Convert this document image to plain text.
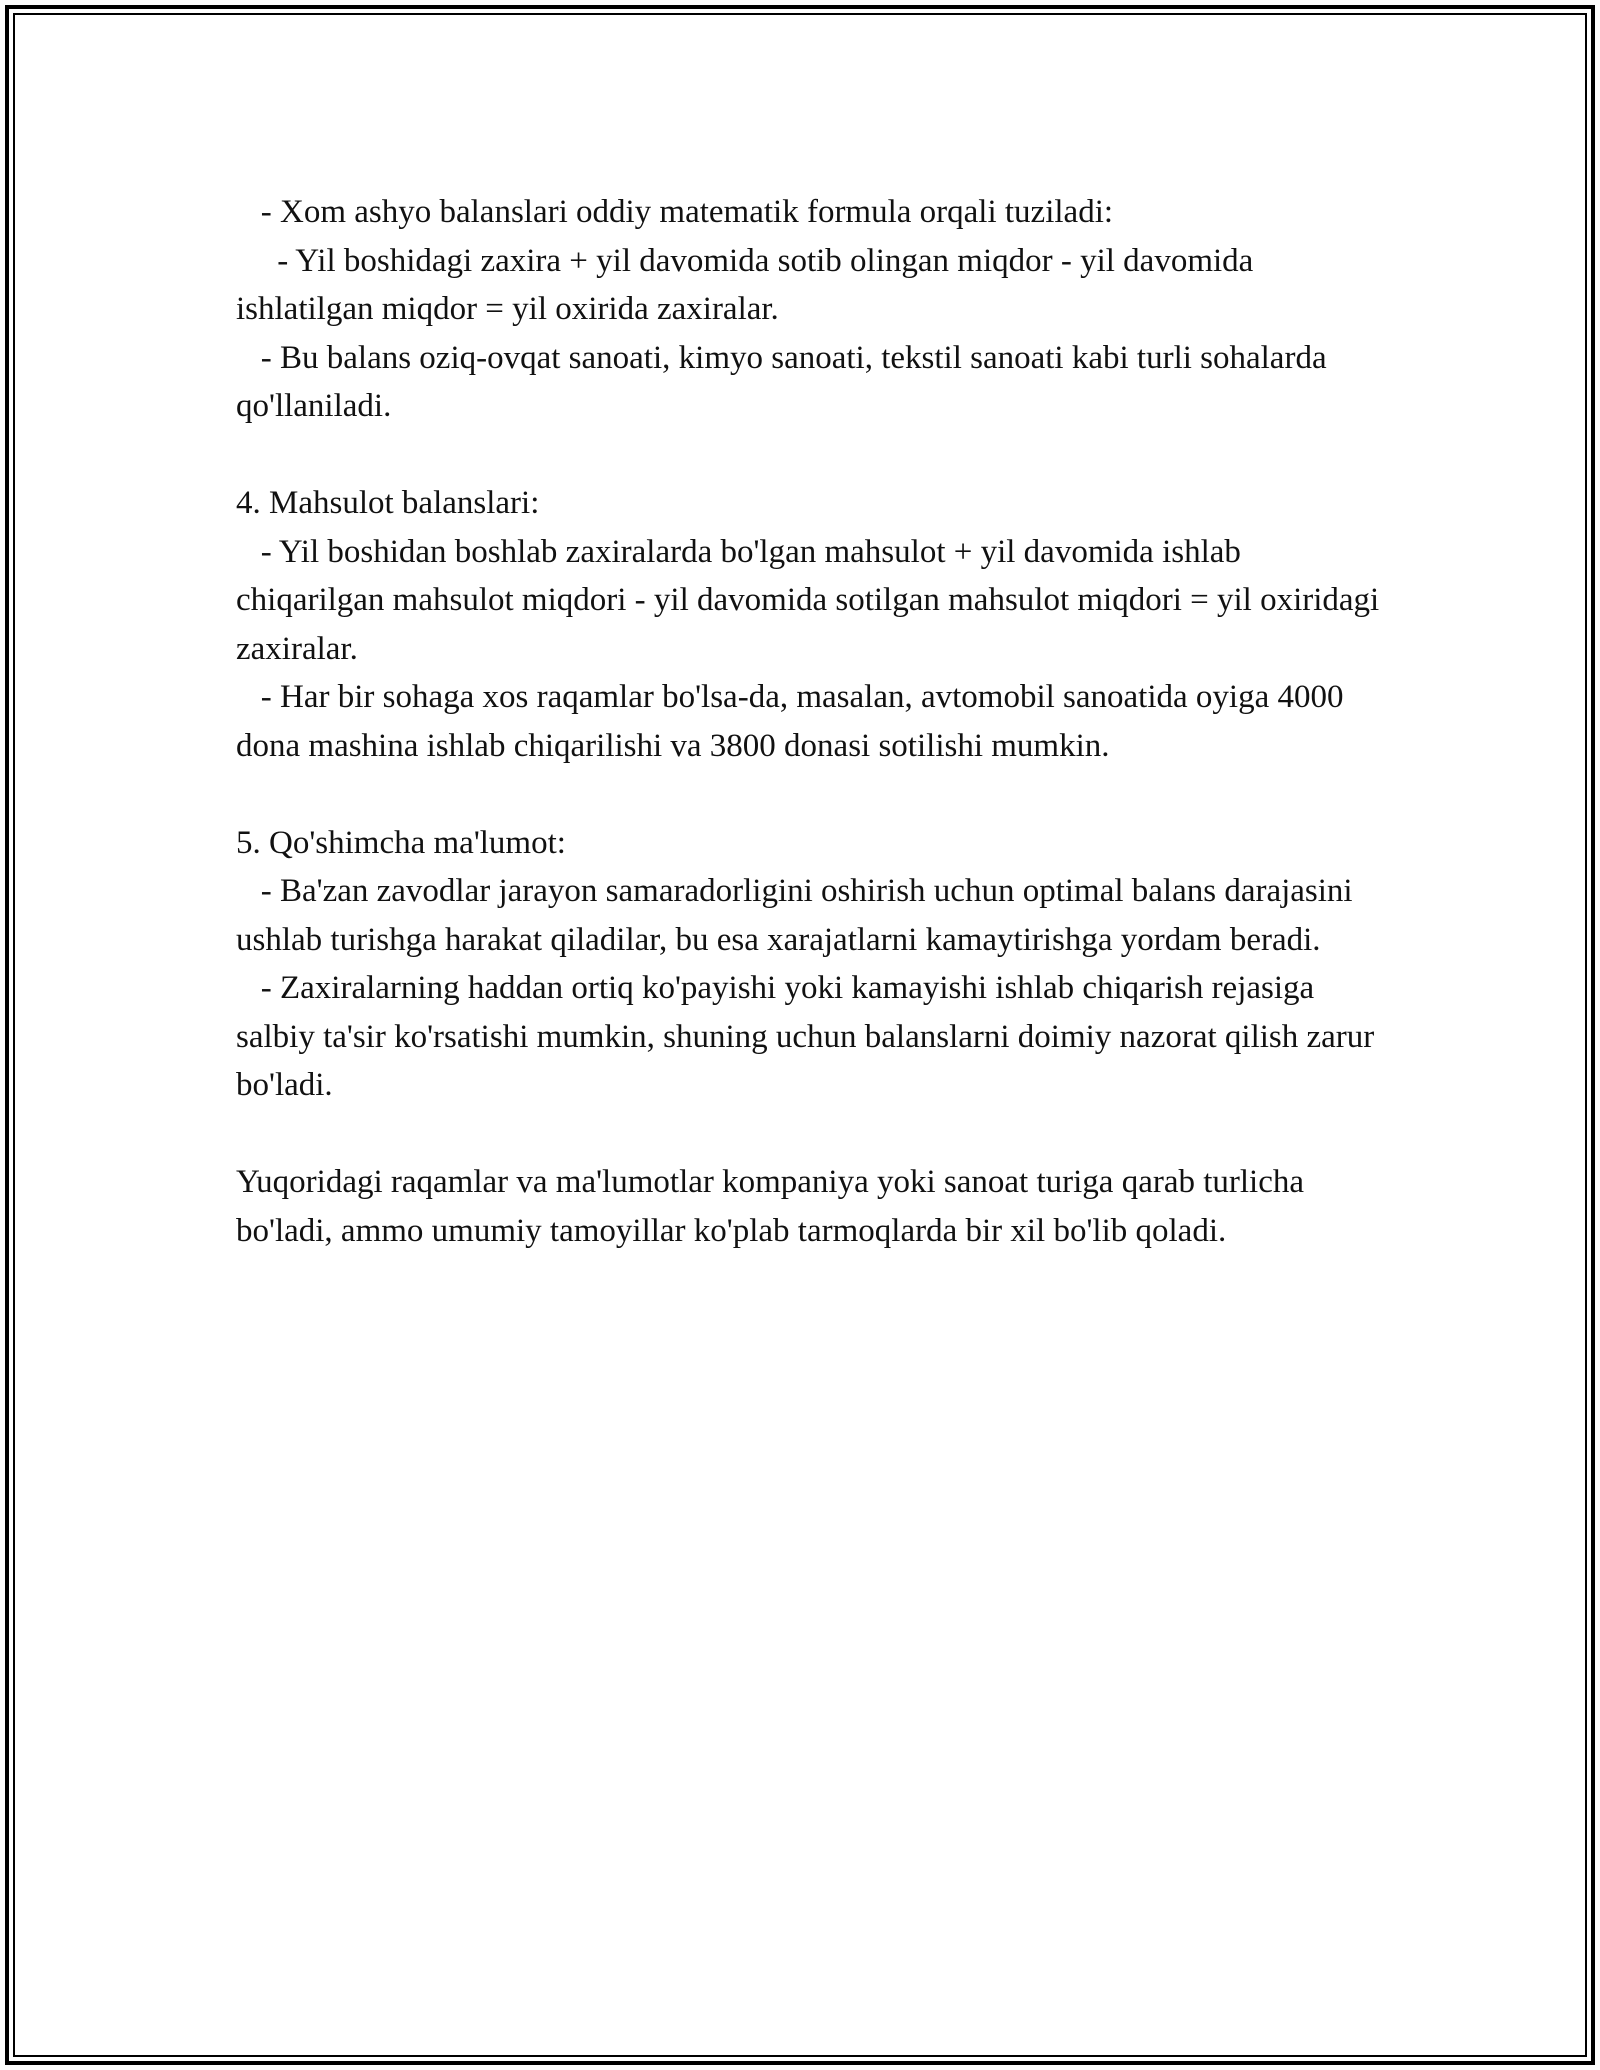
- Xom ashyo balanslari oddiy matematik formula orqali tuziladi:

- Yil boshidagi zaxira + yil davomida sotib olingan miqdor - yil davomida ishlatilgan miqdor = yil oxirida zaxiralar.

- Bu balans oziq-ovqat sanoati, kimyo sanoati, tekstil sanoati kabi turli sohalarda qo'llaniladi.

4. Mahsulot balanslari:

- Yil boshidan boshlab zaxiralarda bo'lgan mahsulot + yil davomida ishlab chiqarilgan mahsulot miqdori - yil davomida sotilgan mahsulot miqdori = yil oxiridagi zaxiralar.

- Har bir sohaga xos raqamlar bo'lsa-da, masalan, avtomobil sanoatida oyiga 4000 dona mashina ishlab chiqarilishi va 3800 donasi sotilishi mumkin.

5. Qo'shimcha ma'lumot:

- Ba'zan zavodlar jarayon samaradorligini oshirish uchun optimal balans darajasini ushlab turishga harakat qiladilar, bu esa xarajatlarni kamaytirishga yordam beradi.

- Zaxiralarning haddan ortiq ko'payishi yoki kamayishi ishlab chiqarish rejasiga salbiy ta'sir ko'rsatishi mumkin, shuning uchun balanslarni doimiy nazorat qilish zarur bo'ladi.

Yuqoridagi raqamlar va ma'lumotlar kompaniya yoki sanoat turiga qarab turlicha bo'ladi, ammo umumiy tamoyillar ko'plab tarmoqlarda bir xil bo'lib qoladi.
